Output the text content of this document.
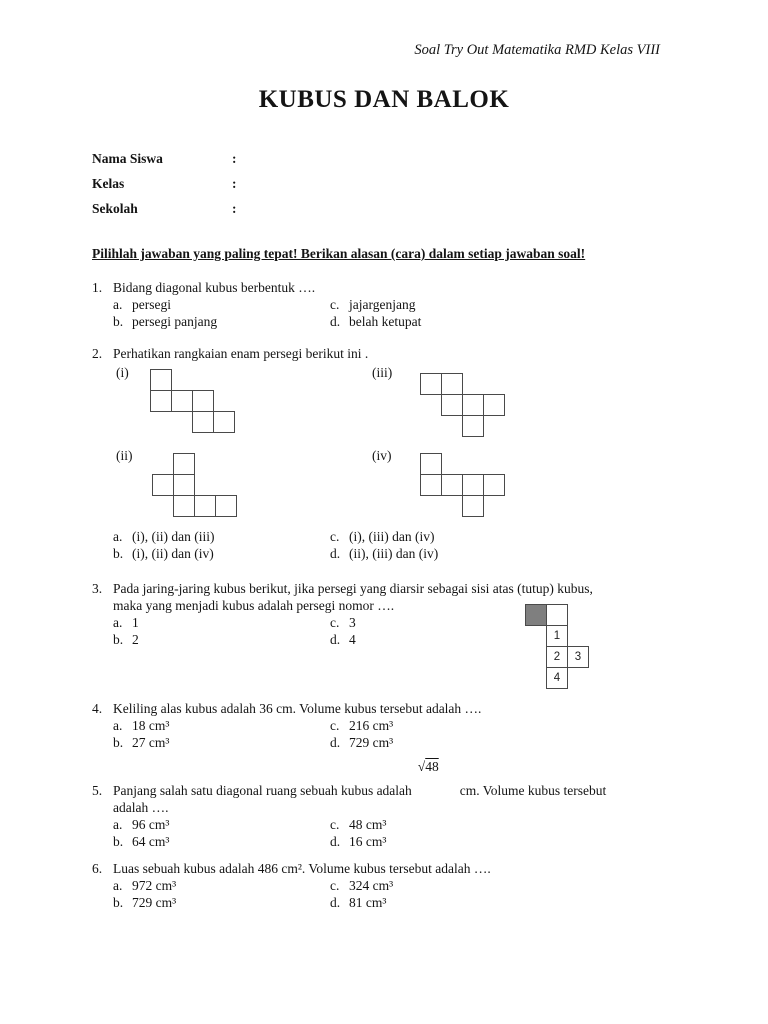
Soal Try Out Matematika RMD Kelas VIII
KUBUS DAN BALOK
Nama Siswa	:
Kelas	:
Sekolah	:
Pilihlah jawaban yang paling tepat! Berikan alasan (cara) dalam setiap jawaban soal!
1. Bidang diagonal kubus berbentuk ….
a. persegi
b. persegi panjang
c. jajargenjang
d. belah ketupat
2. Perhatikan rangkaian enam persegi berikut ini .
(i)	(iii)
(ii)	(iv)
a. (i), (ii) dan (iii)
b. (i), (ii) dan (iv)
c. (i), (iii) dan (iv)
d. (ii), (iii) dan (iv)
3. Pada jaring-jaring kubus berikut, jika persegi yang diarsir sebagai sisi atas (tutup) kubus,
maka yang menjadi kubus adalah persegi nomor ….
a. 1
b. 2
c. 3
d. 4	1
2	3
4
4. Keliling alas kubus adalah 36 cm. Volume kubus tersebut adalah ….
a. 18 cm³
b. 27 cm³
c. 216 cm³
d. 729 cm³
5. Panjang salah satu diagonal ruang sebuah kubus adalah
√48
cm. Volume kubus tersebut
adalah ….
a. 96 cm³
b. 64 cm³
c. 48 cm³
d. 16 cm³
6. Luas sebuah kubus adalah 486 cm². Volume kubus tersebut adalah ….
a. 972 cm³
b. 729 cm³
c. 324 cm³
d. 81 cm³
